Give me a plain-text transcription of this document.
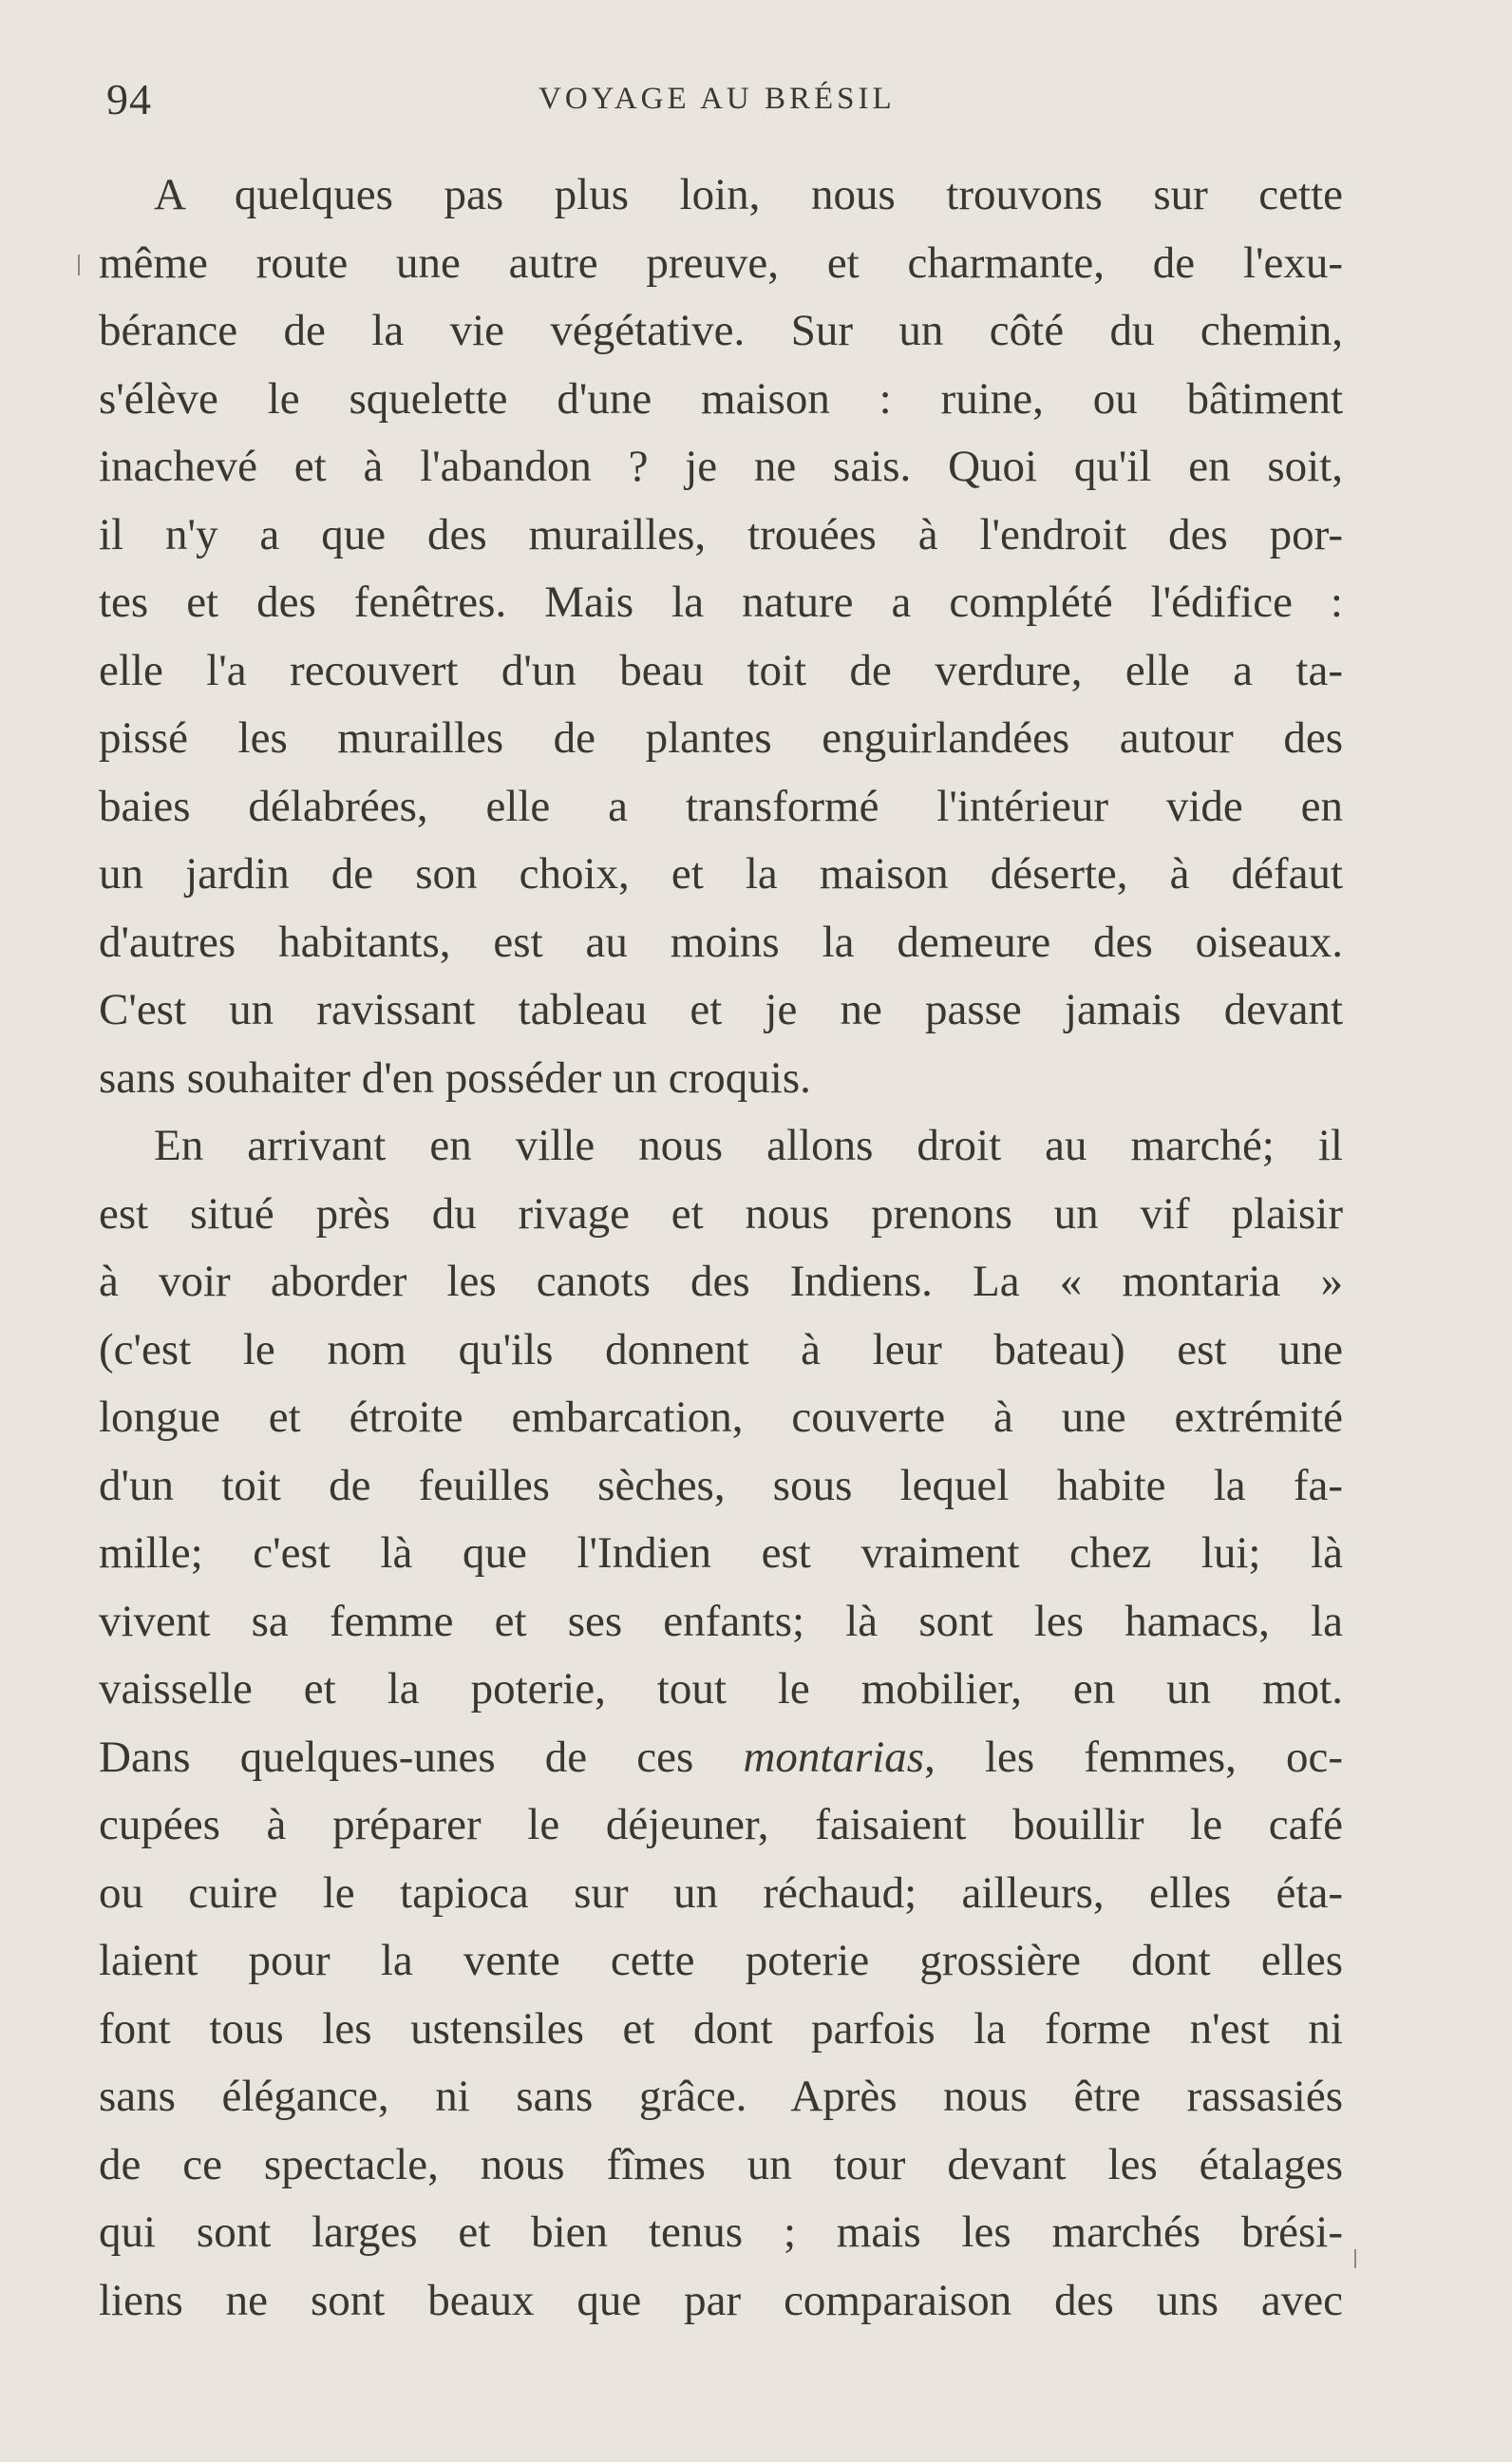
94	VOYAGE AU BRÉSIL
A quelques pas plus loin, nous trouvons sur cette
même route une autre preuve, et charmante, de l'exu-
bérance de la vie végétative. Sur un côté du chemin,
s'élève le squelette d'une maison : ruine, ou bâtiment
inachevé et à l'abandon ? je ne sais. Quoi qu'il en soit,
il n'y a que des murailles, trouées à l'endroit des por-
tes et des fenêtres. Mais la nature a complété l'édifice :
elle l'a recouvert d'un beau toit de verdure, elle a ta-
pissé les murailles de plantes enguirlandées autour des
baies délabrées, elle a transformé l'intérieur vide en
un jardin de son choix, et la maison déserte, à défaut
d'autres habitants, est au moins la demeure des oiseaux.
C'est un ravissant tableau et je ne passe jamais devant
sans souhaiter d'en posséder un croquis.
En arrivant en ville nous allons droit au marché; il
est situé près du rivage et nous prenons un vif plaisir
à voir aborder les canots des Indiens. La « montaria »
(c'est le nom qu'ils donnent à leur bateau) est une
longue et étroite embarcation, couverte à une extrémité
d'un toit de feuilles sèches, sous lequel habite la fa-
mille; c'est là que l'Indien est vraiment chez lui; là
vivent sa femme et ses enfants; là sont les hamacs, la
vaisselle et la poterie, tout le mobilier, en un mot.
Dans quelques-unes de ces montarias, les femmes, oc-
cupées à préparer le déjeuner, faisaient bouillir le café
ou cuire le tapioca sur un réchaud; ailleurs, elles éta-
laient pour la vente cette poterie grossière dont elles
font tous les ustensiles et dont parfois la forme n'est ni
sans élégance, ni sans grâce. Après nous être rassasiés
de ce spectacle, nous fîmes un tour devant les étalages
qui sont larges et bien tenus ; mais les marchés brési-
liens ne sont beaux que par comparaison des uns avec
